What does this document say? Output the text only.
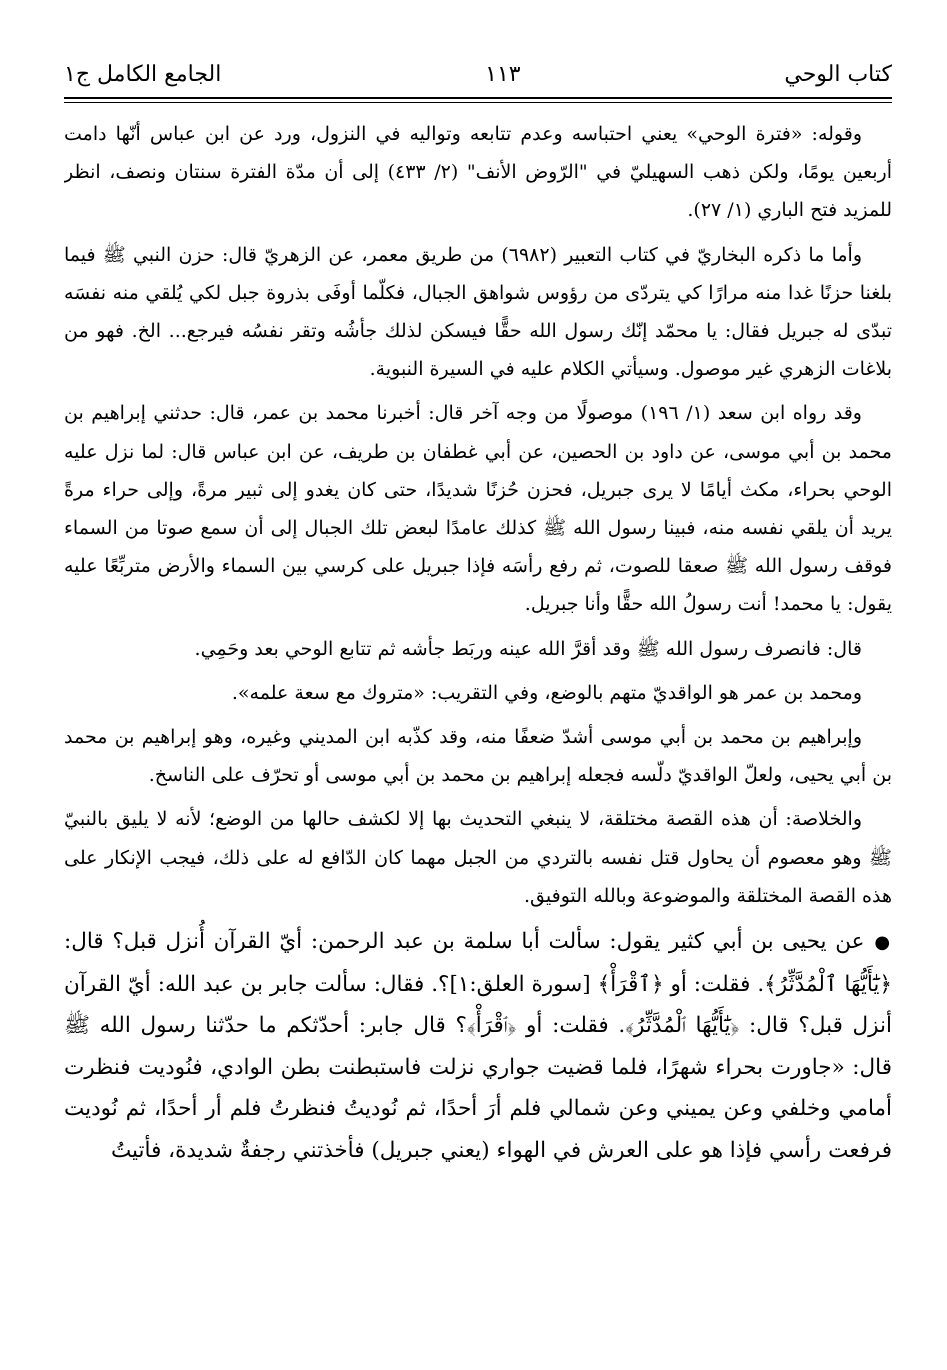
كتاب الوحي
١١٣
الجامع الكامل ج١

وقوله: «فترة الوحي» يعني احتباسه وعدم تتابعه وتواليه في النزول، ورد عن ابن عباس أنّها دامت أربعين يومًا، ولكن ذهب السهيليّ في "الرّوض الأنف" (٢/ ٤٣٣) إلى أن مدّة الفترة سنتان ونصف، انظر للمزيد فتح الباري (١/ ٢٧).

وأما ما ذكره البخاريّ في كتاب التعبير (٦٩٨٢) من طريق معمر، عن الزهريّ قال: حزن النبي ﷺ فيما بلغنا حزنًا غدا منه مرارًا كي يتردّى من رؤوس شواهق الجبال، فكلّما أوفَى بذروة جبل لكي يُلقي منه نفسَه تبدّى له جبريل فقال: يا محمّد إنّك رسول الله حقًّا فيسكن لذلك جأشُه وتقر نفسُه فيرجع... الخ. فهو من بلاغات الزهري غير موصول. وسيأتي الكلام عليه في السيرة النبوية.

وقد رواه ابن سعد (١/ ١٩٦) موصولًا من وجه آخر قال: أخبرنا محمد بن عمر، قال: حدثني إبراهيم بن محمد بن أبي موسى، عن داود بن الحصين، عن أبي غطفان بن طريف، عن ابن عباس قال: لما نزل عليه الوحي بحراء، مكث أيامًا لا يرى جبريل، فحزن حُزنًا شديدًا، حتى كان يغدو إلى ثبير مرةً، وإلى حراء مرةً يريد أن يلقي نفسه منه، فبينا رسول الله ﷺ كذلك عامدًا لبعض تلك الجبال إلى أن سمع صوتا من السماء فوقف رسول الله ﷺ صعقا للصوت، ثم رفع رأسَه فإذا جبريل على كرسي بين السماء والأرض متربِّعًا عليه يقول: يا محمد! أنت رسولُ الله حقًّا وأنا جبريل.

قال: فانصرف رسول الله ﷺ وقد أقرَّ الله عينه وربَط جأشه ثم تتابع الوحي بعد وحَمِي.

ومحمد بن عمر هو الواقديّ متهم بالوضع، وفي التقريب: «متروك مع سعة علمه».

وإبراهيم بن محمد بن أبي موسى أشدّ ضعفًا منه، وقد كذّبه ابن المديني وغيره، وهو إبراهيم بن محمد بن أبي يحيى، ولعلّ الواقديّ دلّسه فجعله إبراهيم بن محمد بن أبي موسى أو تحرّف على الناسخ.

والخلاصة: أن هذه القصة مختلقة، لا ينبغي التحديث بها إلا لكشف حالها من الوضع؛ لأنه لا يليق بالنبيّ ﷺ وهو معصوم أن يحاول قتل نفسه بالتردي من الجبل مهما كان الدّافع له على ذلك، فيجب الإنكار على هذه القصة المختلقة والموضوعة وبالله التوفيق.

●عن يحيى بن أبي كثير يقول: سألت أبا سلمة بن عبد الرحمن: أيّ القرآن أُنزل قبل؟ قال: ﴿يَٰٓأَيُّهَا ٱلْمُدَّثِّرُ﴾. فقلت: أو ﴿ٱقْرَأْ﴾ [سورة العلق:١]؟. فقال: سألت جابر بن عبد الله: أيّ القرآن أنزل قبل؟ قال: ﴿يَٰٓأَيُّهَا ٱلْمُدَّثِّرُ﴾. فقلت: أو ﴿ٱقْرَأْ﴾؟ قال جابر: أحدّثكم ما حدّثنا رسول الله ﷺ قال: «جاورت بحراء شهرًا، فلما قضيت جواري نزلت فاستبطنت بطن الوادي، فنُوديت فنظرت أمامي وخلفي وعن يميني وعن شمالي فلم أرَ أحدًا، ثم نُوديتُ فنظرتُ فلم أر أحدًا، ثم نُوديت فرفعت رأسي فإذا هو على العرش في الهواء (يعني جبريل) فأخذتني رجفةٌ شديدة، فأتيتُ
